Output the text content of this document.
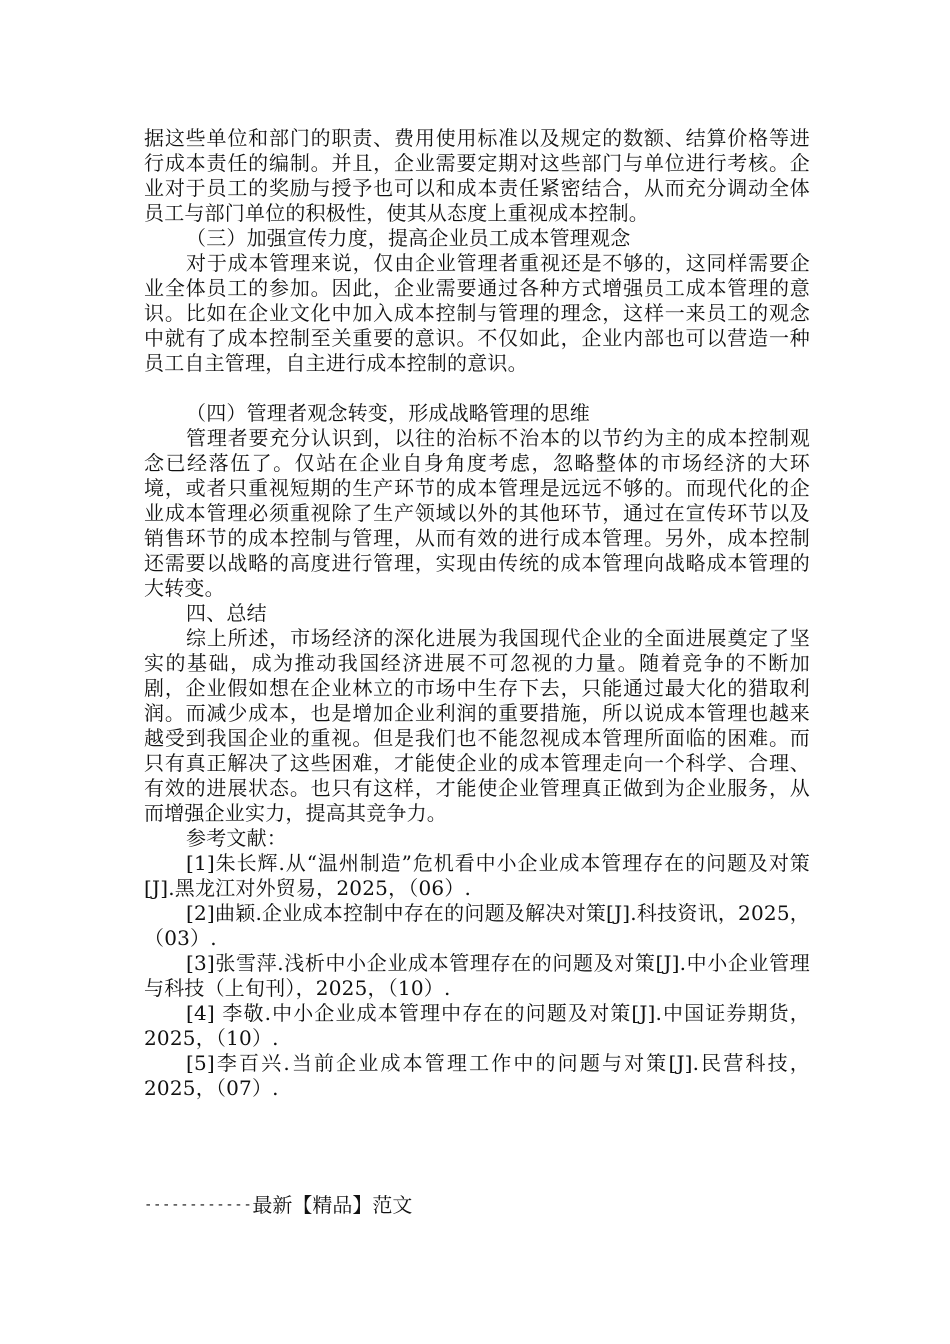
据这些单位和部门的职责、费用使用标准以及规定的数额、结算价格等进行成本责任的编制。并且，企业需要定期对这些部门与单位进行考核。企业对于员工的奖励与授予也可以和成本责任紧密结合，从而充分调动全体员工与部门单位的积极性，使其从态度上重视成本控制。

（三）加强宣传力度，提高企业员工成本管理观念

对于成本管理来说，仅由企业管理者重视还是不够的，这同样需要企业全体员工的参加。因此，企业需要通过各种方式增强员工成本管理的意识。比如在企业文化中加入成本控制与管理的理念，这样一来员工的观念中就有了成本控制至关重要的意识。不仅如此，企业内部也可以营造一种员工自主管理，自主进行成本控制的意识。

（四）管理者观念转变，形成战略管理的思维

管理者要充分认识到，以往的治标不治本的以节约为主的成本控制观念已经落伍了。仅站在企业自身角度考虑，忽略整体的市场经济的大环境，或者只重视短期的生产环节的成本管理是远远不够的。而现代化的企业成本管理必须重视除了生产领域以外的其他环节，通过在宣传环节以及销售环节的成本控制与管理，从而有效的进行成本管理。另外，成本控制还需要以战略的高度进行管理，实现由传统的成本管理向战略成本管理的大转变。

四、总结

综上所述，市场经济的深化进展为我国现代企业的全面进展奠定了坚实的基础，成为推动我国经济进展不可忽视的力量。随着竞争的不断加剧，企业假如想在企业林立的市场中生存下去，只能通过最大化的猎取利润。而减少成本，也是增加企业利润的重要措施，所以说成本管理也越来越受到我国企业的重视。但是我们也不能忽视成本管理所面临的困难。而只有真正解决了这些困难，才能使企业的成本管理走向一个科学、合理、有效的进展状态。也只有这样，才能使企业管理真正做到为企业服务，从而增强企业实力，提高其竞争力。

参考文献：

[1]朱长辉.从“温州制造”危机看中小企业成本管理存在的问题及对策[J].黑龙江对外贸易，2025，（06）.

[2]曲颖.企业成本控制中存在的问题及解决对策[J].科技资讯，2025，（03）.

[3]张雪萍.浅析中小企业成本管理存在的问题及对策[J].中小企业管理与科技（上旬刊），2025，（10）.

[4] 李敬.中小企业成本管理中存在的问题及对策[J].中国证券期货，2025，（10）.

[5]李百兴.当前企业成本管理工作中的问题与对策[J].民营科技，2025，（07）.

------------最新【精品】范文
